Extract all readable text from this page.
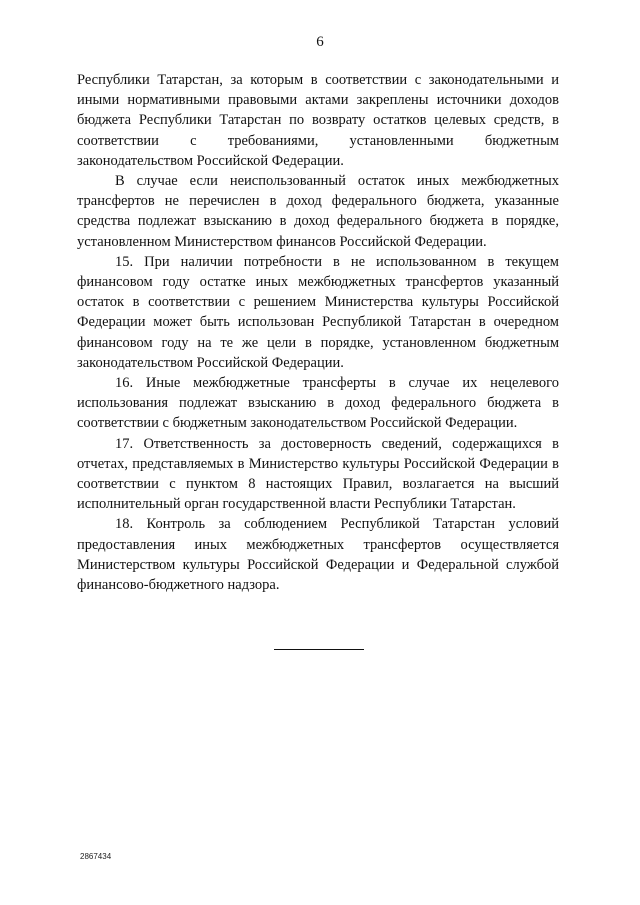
6

Республики Татарстан, за которым в соответствии с законодательными и иными нормативными правовыми актами закреплены источники доходов бюджета Республики Татарстан по возврату остатков целевых средств, в соответствии с требованиями, установленными бюджетным законодательством Российской Федерации.

В случае если неиспользованный остаток иных межбюджетных трансфертов не перечислен в доход федерального бюджета, указанные средства подлежат взысканию в доход федерального бюджета в порядке, установленном Министерством финансов Российской Федерации.

15. При наличии потребности в не использованном в текущем финансовом году остатке иных межбюджетных трансфертов указанный остаток в соответствии с решением Министерства культуры Российской Федерации может быть использован Республикой Татарстан в очередном финансовом году на те же цели в порядке, установленном бюджетным законодательством Российской Федерации.

16. Иные межбюджетные трансферты в случае их нецелевого использования подлежат взысканию в доход федерального бюджета в соответствии с бюджетным законодательством Российской Федерации.

17. Ответственность за достоверность сведений, содержащихся в отчетах, представляемых в Министерство культуры Российской Федерации в соответствии с пунктом 8 настоящих Правил, возлагается на высший исполнительный орган государственной власти Республики Татарстан.

18. Контроль за соблюдением Республикой Татарстан условий предоставления иных межбюджетных трансфертов осуществляется Министерством культуры Российской Федерации и Федеральной службой финансово-бюджетного надзора.

2867434
